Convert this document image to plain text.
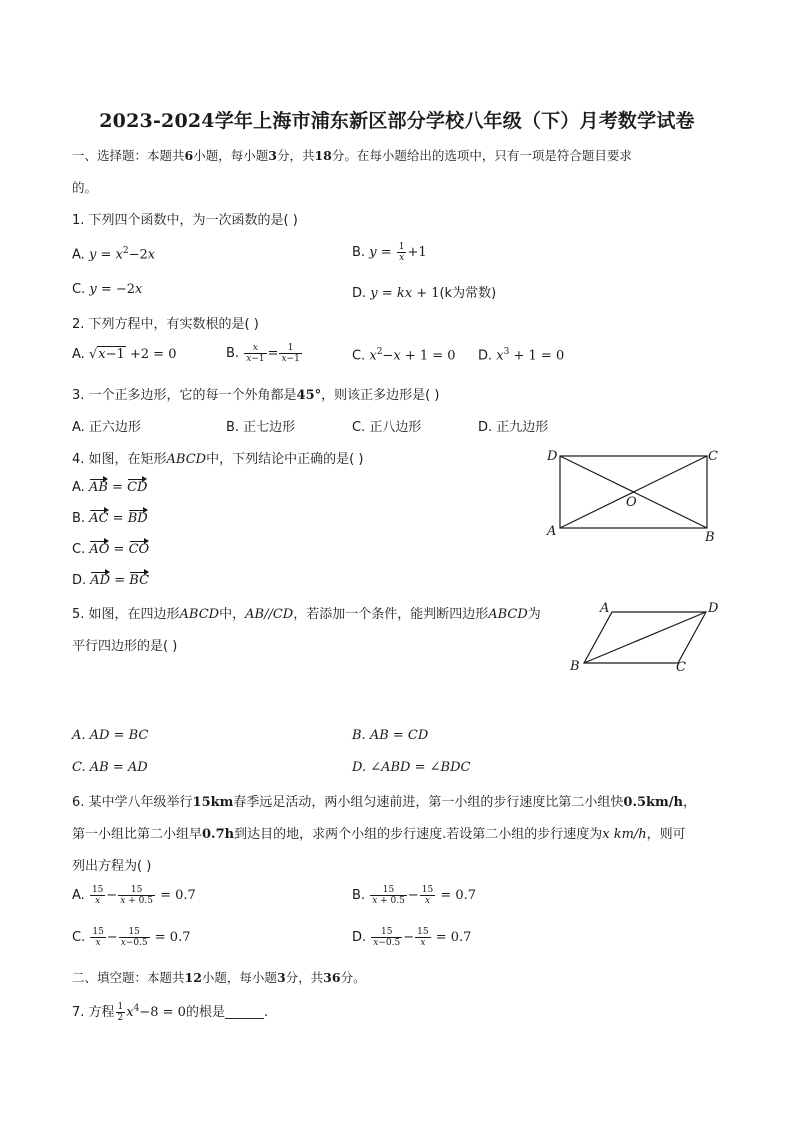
2023-2024学年上海市浦东新区部分学校八年级（下）月考数学试卷
一、选择题：本题共6小题，每小题3分，共18分。在每小题给出的选项中，只有一项是符合题目要求
的。
1. 下列四个函数中，为一次函数的是( )
A. $y = x^2-2x$	B. $y = \frac{1}{x} +1$
C. y = −2x	D. y = kx + 1(k为常数)
2. 下列方程中，有实数根的是( )
A. √x−1 +2 = 0	B. $\frac{x}{x-1} = \frac{1}{x-1}$	C. $x^2-x + 1 = 0$ D. $x^3 + 1 = 0$
3. 一个正多边形，它的每一个外角都是45°，则该正多边形是( )
A. 正六边形	B. 正七边形	C. 正八边形	D. 正九边形
4. 如图，在矩形ABCD中，下列结论中正确的是( )
A. AB = CD
B. AC = BD
C. AO = CO
D. AD = BC
D	C
A	B
O
5. 如图，在四边形ABCD中，AB//CD，若添加一个条件，能判断四边形ABCD为
平行四边形的是( )
A	D
B	C
A. AD = BC	B. AB = CD
C. AB = AD	D. ∠ABD = ∠BDC
6. 某中学八年级举行15km春季远足活动，两小组匀速前进，第一小组的步行速度比第二小组快0.5km/h，
第一小组比第二小组早0.7h到达目的地，求两个小组的步行速度.若设第二小组的步行速度为x km/h，则可
列出方程为( )
A. $\frac{15}{x} - \frac{15}{x + 0.5} = 0.7$	B. $\frac{15}{x + 0.5} - \frac{15}{x} = 0.7$
C. $\frac{15}{x} - \frac{15}{x-0.5} = 0.7$	D. $\frac{15}{x-0.5} - \frac{15}{x} = 0.7$
二、填空题：本题共12小题，每小题3分，共36分。
7. 方程 $\frac{1}{2} x^4-8 = 0$的根是______.
